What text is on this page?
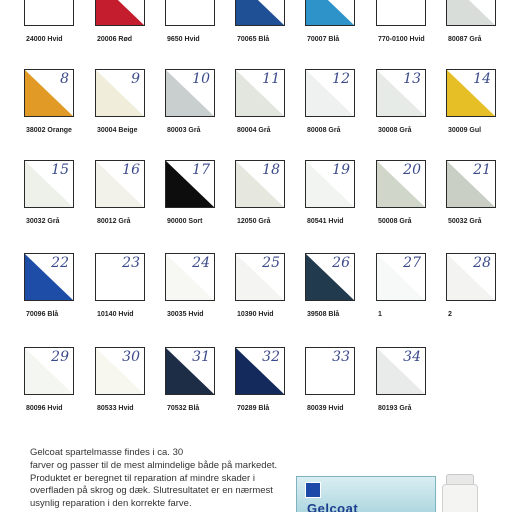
24000 Hvid	20006 Rød	9650 Hvid	70065 Blå	70007 Blå	770-0100 Hvid	80087 Grå
8
38002 Orange
9
30004 Beige
10
80003 Grå
11
80004 Grå
12
80008 Grå
13
30008 Grå
14
30009 Gul
15
30032 Grå
16
80012 Grå
17
90000 Sort
18
12050 Grå
19
80541 Hvid
20
50008 Grå
21
50032 Grå
22
70096 Blå
23
10140 Hvid
24
30035 Hvid
25
10390 Hvid
26
39508 Blå
27
1
28
2
29
80096 Hvid
30
80533 Hvid
31
70532 Blå
32
70289 Blå
33
80039 Hvid
34
80193 Grå

Gelcoat spartelmasse findes i ca. 30

farver og passer til de mest almindelige både på markedet.

Produktet er beregnet til reparation af mindre skader i

overfladen på skrog og dæk. Slutresultatet er en nærmest

usynlig reparation i den korrekte farve.	Gelcoat
